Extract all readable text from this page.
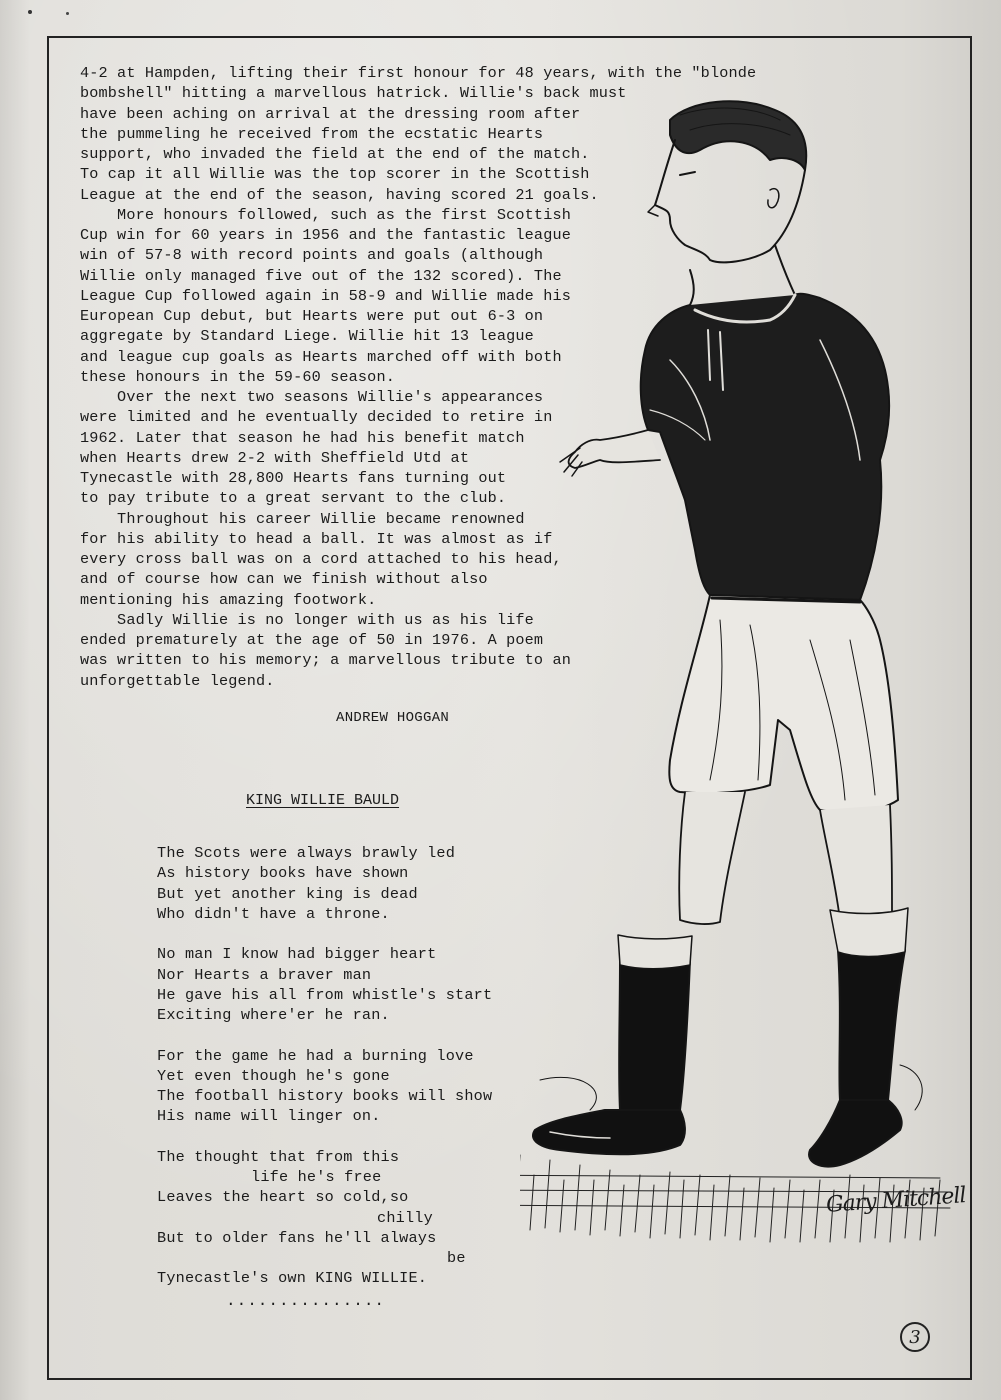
4-2 at Hampden, lifting their first honour for 48 years, with the "blonde

bombshell" hitting a marvellous hatrick. Willie's back must

have been aching on arrival at the dressing room after

the pummeling he received from the ecstatic Hearts

support, who invaded the field at the end of the match.

To cap it all Willie was the top scorer in the Scottish

League at the end of the season, having scored 21 goals.

More honours followed, such as the first Scottish

Cup win for 60 years in 1956 and the fantastic league

win of 57-8 with record points and goals (although

Willie only managed five out of the 132 scored). The

League Cup followed again in 58-9 and Willie made his

European Cup debut, but Hearts were put out 6-3 on

aggregate by Standard Liege. Willie hit 13 league

and league cup goals as Hearts marched off with both

these honours in the 59-60 season.

Over the next two seasons Willie's appearances

were limited and he eventually decided to retire in

1962. Later that season he had his benefit match

when Hearts drew 2-2 with Sheffield Utd at

Tynecastle with 28,800 Hearts fans turning out

to pay tribute to a great servant to the club.

Throughout his career Willie became renowned

for his ability to head a ball. It was almost as if

every cross ball was on a cord attached to his head,

and of course how can we finish without also

mentioning his amazing footwork.

Sadly Willie is no longer with us as his life

ended prematurely at the age of 50 in 1976. A poem

was written to his memory; a marvellous tribute to an

unforgettable legend.

ANDREW HOGGAN
KING WILLIE BAULD
The Scots were always brawly led
As history books have shown
But yet another king is dead
Who didn't have a throne.
No man I know had bigger heart
Nor Hearts a braver man
He gave his all from whistle's start
Exciting where'er he ran.
For the game he had a burning love
Yet even though he's gone
The football history books will show
His name will linger on.
The thought that from this
life he's free
Leaves the heart so cold,so
chilly
But to older fans he'll always
be
Tynecastle's own KING WILLIE.
...............
Gary Mitchell
3
